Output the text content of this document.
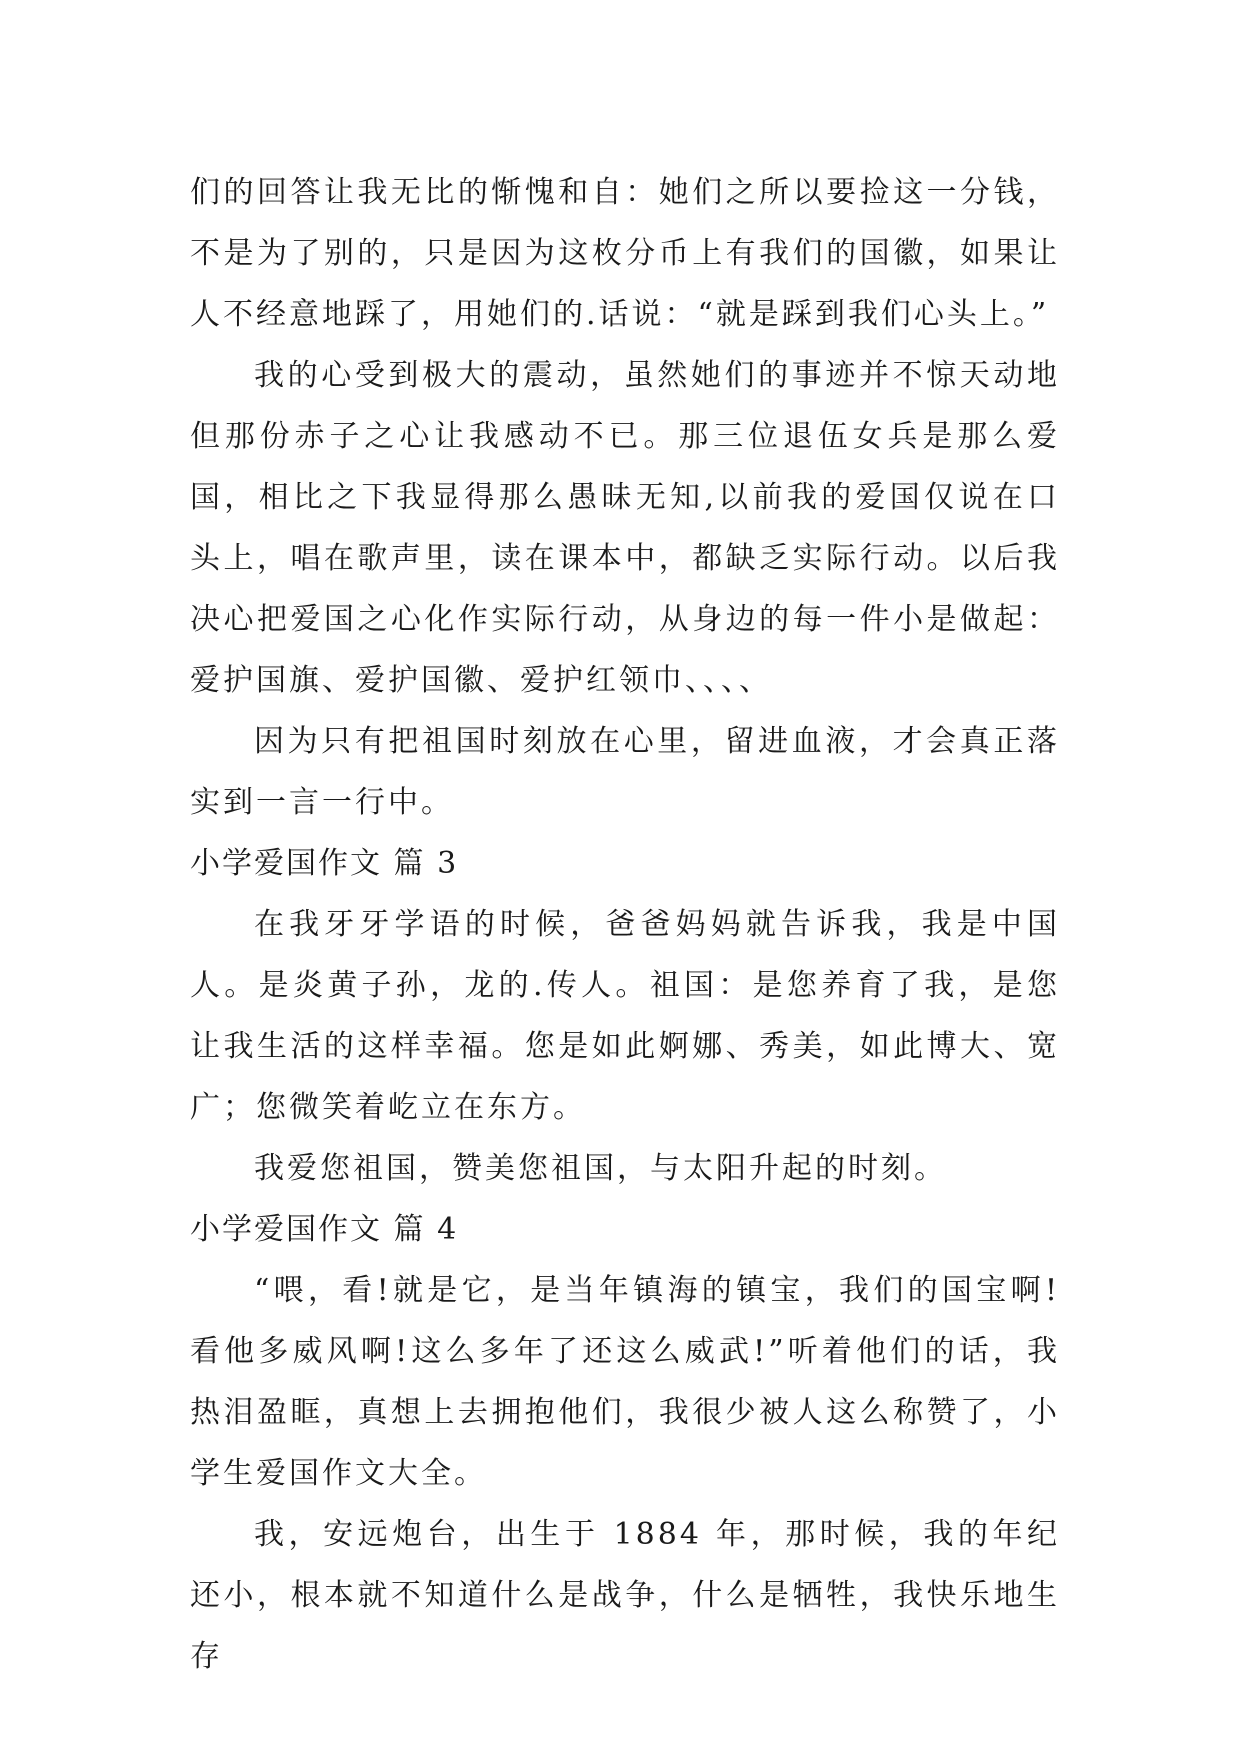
们的回答让我无比的惭愧和自：她们之所以要捡这一分钱，不是为了别的，只是因为这枚分币上有我们的国徽，如果让人不经意地踩了，用她们的.话说：“就是踩到我们心头上。”

我的心受到极大的震动，虽然她们的事迹并不惊天动地但那份赤子之心让我感动不已。那三位退伍女兵是那么爱国，相比之下我显得那么愚昧无知,以前我的爱国仅说在口头上，唱在歌声里，读在课本中，都缺乏实际行动。以后我决心把爱国之心化作实际行动，从身边的每一件小是做起：爱护国旗、爱护国徽、爱护红领巾、、、、

因为只有把祖国时刻放在心里，留进血液，才会真正落实到一言一行中。

小学爱国作文 篇 3

在我牙牙学语的时候，爸爸妈妈就告诉我，我是中国人。是炎黄子孙，龙的.传人。祖国：是您养育了我，是您让我生活的这样幸福。您是如此婀娜、秀美，如此博大、宽广；您微笑着屹立在东方。

我爱您祖国，赞美您祖国，与太阳升起的时刻。

小学爱国作文 篇 4

“喂，看!就是它，是当年镇海的镇宝，我们的国宝啊!看他多威风啊!这么多年了还这么威武!”听着他们的话，我热泪盈眶，真想上去拥抱他们，我很少被人这么称赞了，小学生爱国作文大全。

我，安远炮台，出生于 1884 年，那时候，我的年纪还小，根本就不知道什么是战争，什么是牺牲，我快乐地生存
